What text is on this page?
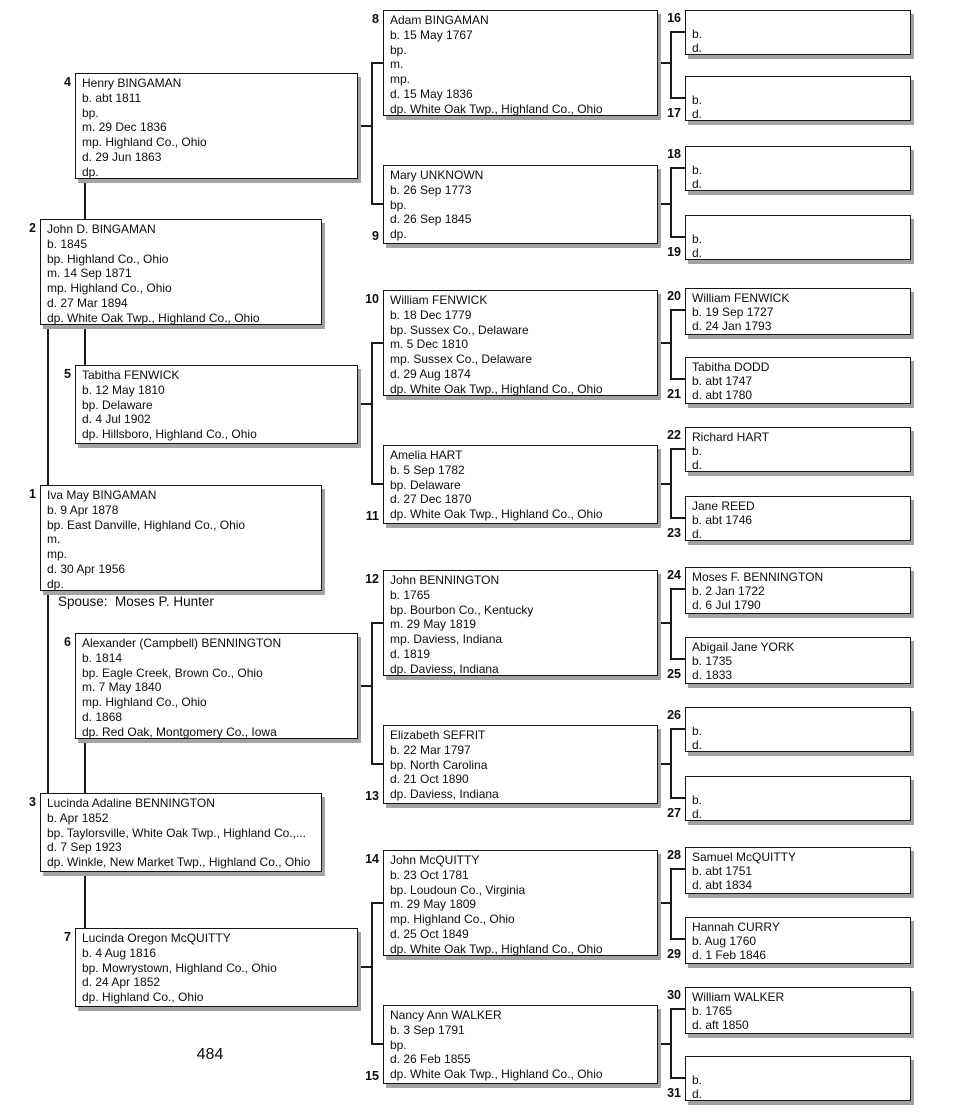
Henry BINGAMAN
b. abt 1811
bp.
m. 29 Dec 1836
mp. Highland Co., Ohio
d. 29 Jun 1863
dp.
4
John D. BINGAMAN
b. 1845
bp. Highland Co., Ohio
m. 14 Sep 1871
mp. Highland Co., Ohio
d. 27 Mar 1894
dp. White Oak Twp., Highland Co., Ohio
2
Tabitha FENWICK
b. 12 May 1810
bp. Delaware
d. 4 Jul 1902
dp. Hillsboro, Highland Co., Ohio
5
Iva May BINGAMAN
b. 9 Apr 1878
bp. East Danville, Highland Co., Ohio
m.
mp.
d. 30 Apr 1956
dp.
1
Spouse:  Moses P. Hunter
Alexander (Campbell) BENNINGTON
b. 1814
bp. Eagle Creek, Brown Co., Ohio
m. 7 May 1840
mp. Highland Co., Ohio
d. 1868
dp. Red Oak, Montgomery Co., Iowa
6
Lucinda Adaline BENNINGTON
b. Apr 1852
bp. Taylorsville, White Oak Twp., Highland Co.,...
d. 7 Sep 1923
dp. Winkle, New Market Twp., Highland Co., Ohio
3
Lucinda Oregon McQUITTY
b. 4 Aug 1816
bp. Mowrystown, Highland Co., Ohio
d. 24 Apr 1852
dp. Highland Co., Ohio
7
484
Adam BINGAMAN
b. 15 May 1767
bp.
m.
mp.
d. 15 May 1836
dp. White Oak Twp., Highland Co., Ohio
8
Mary UNKNOWN
b. 26 Sep 1773
bp.
d. 26 Sep 1845
dp.
9
William FENWICK
b. 18 Dec 1779
bp. Sussex Co., Delaware
m. 5 Dec 1810
mp. Sussex Co., Delaware
d. 29 Aug 1874
dp. White Oak Twp., Highland Co., Ohio
10
Amelia HART
b. 5 Sep 1782
bp. Delaware
d. 27 Dec 1870
dp. White Oak Twp., Highland Co., Ohio
11
John BENNINGTON
b. 1765
bp. Bourbon Co., Kentucky
m. 29 May 1819
mp. Daviess, Indiana
d. 1819
dp. Daviess, Indiana
12
Elizabeth SEFRIT
b. 22 Mar 1797
bp. North Carolina
d. 21 Oct 1890
dp. Daviess, Indiana
13
John McQUITTY
b. 23 Oct 1781
bp. Loudoun Co., Virginia
m. 29 May 1809
mp. Highland Co., Ohio
d. 25 Oct 1849
dp. White Oak Twp., Highland Co., Ohio
14
Nancy Ann WALKER
b. 3 Sep 1791
bp.
d. 26 Feb 1855
dp. White Oak Twp., Highland Co., Ohio
15
b.
d.
16
b.
d.
17
b.
d.
18
b.
d.
19
William FENWICK
b. 19 Sep 1727
d. 24 Jan 1793
20
Tabitha DODD
b. abt 1747
d. abt 1780
21
Richard HART
b.
d.
22
Jane REED
b. abt 1746
d.
23
Moses F. BENNINGTON
b. 2 Jan 1722
d. 6 Jul 1790
24
Abigail Jane YORK
b. 1735
d. 1833
25
b.
d.
26
b.
d.
27
Samuel McQUITTY
b. abt 1751
d. abt 1834
28
Hannah CURRY
b. Aug 1760
d. 1 Feb 1846
29
William WALKER
b. 1765
d. aft 1850
30
b.
d.
31
